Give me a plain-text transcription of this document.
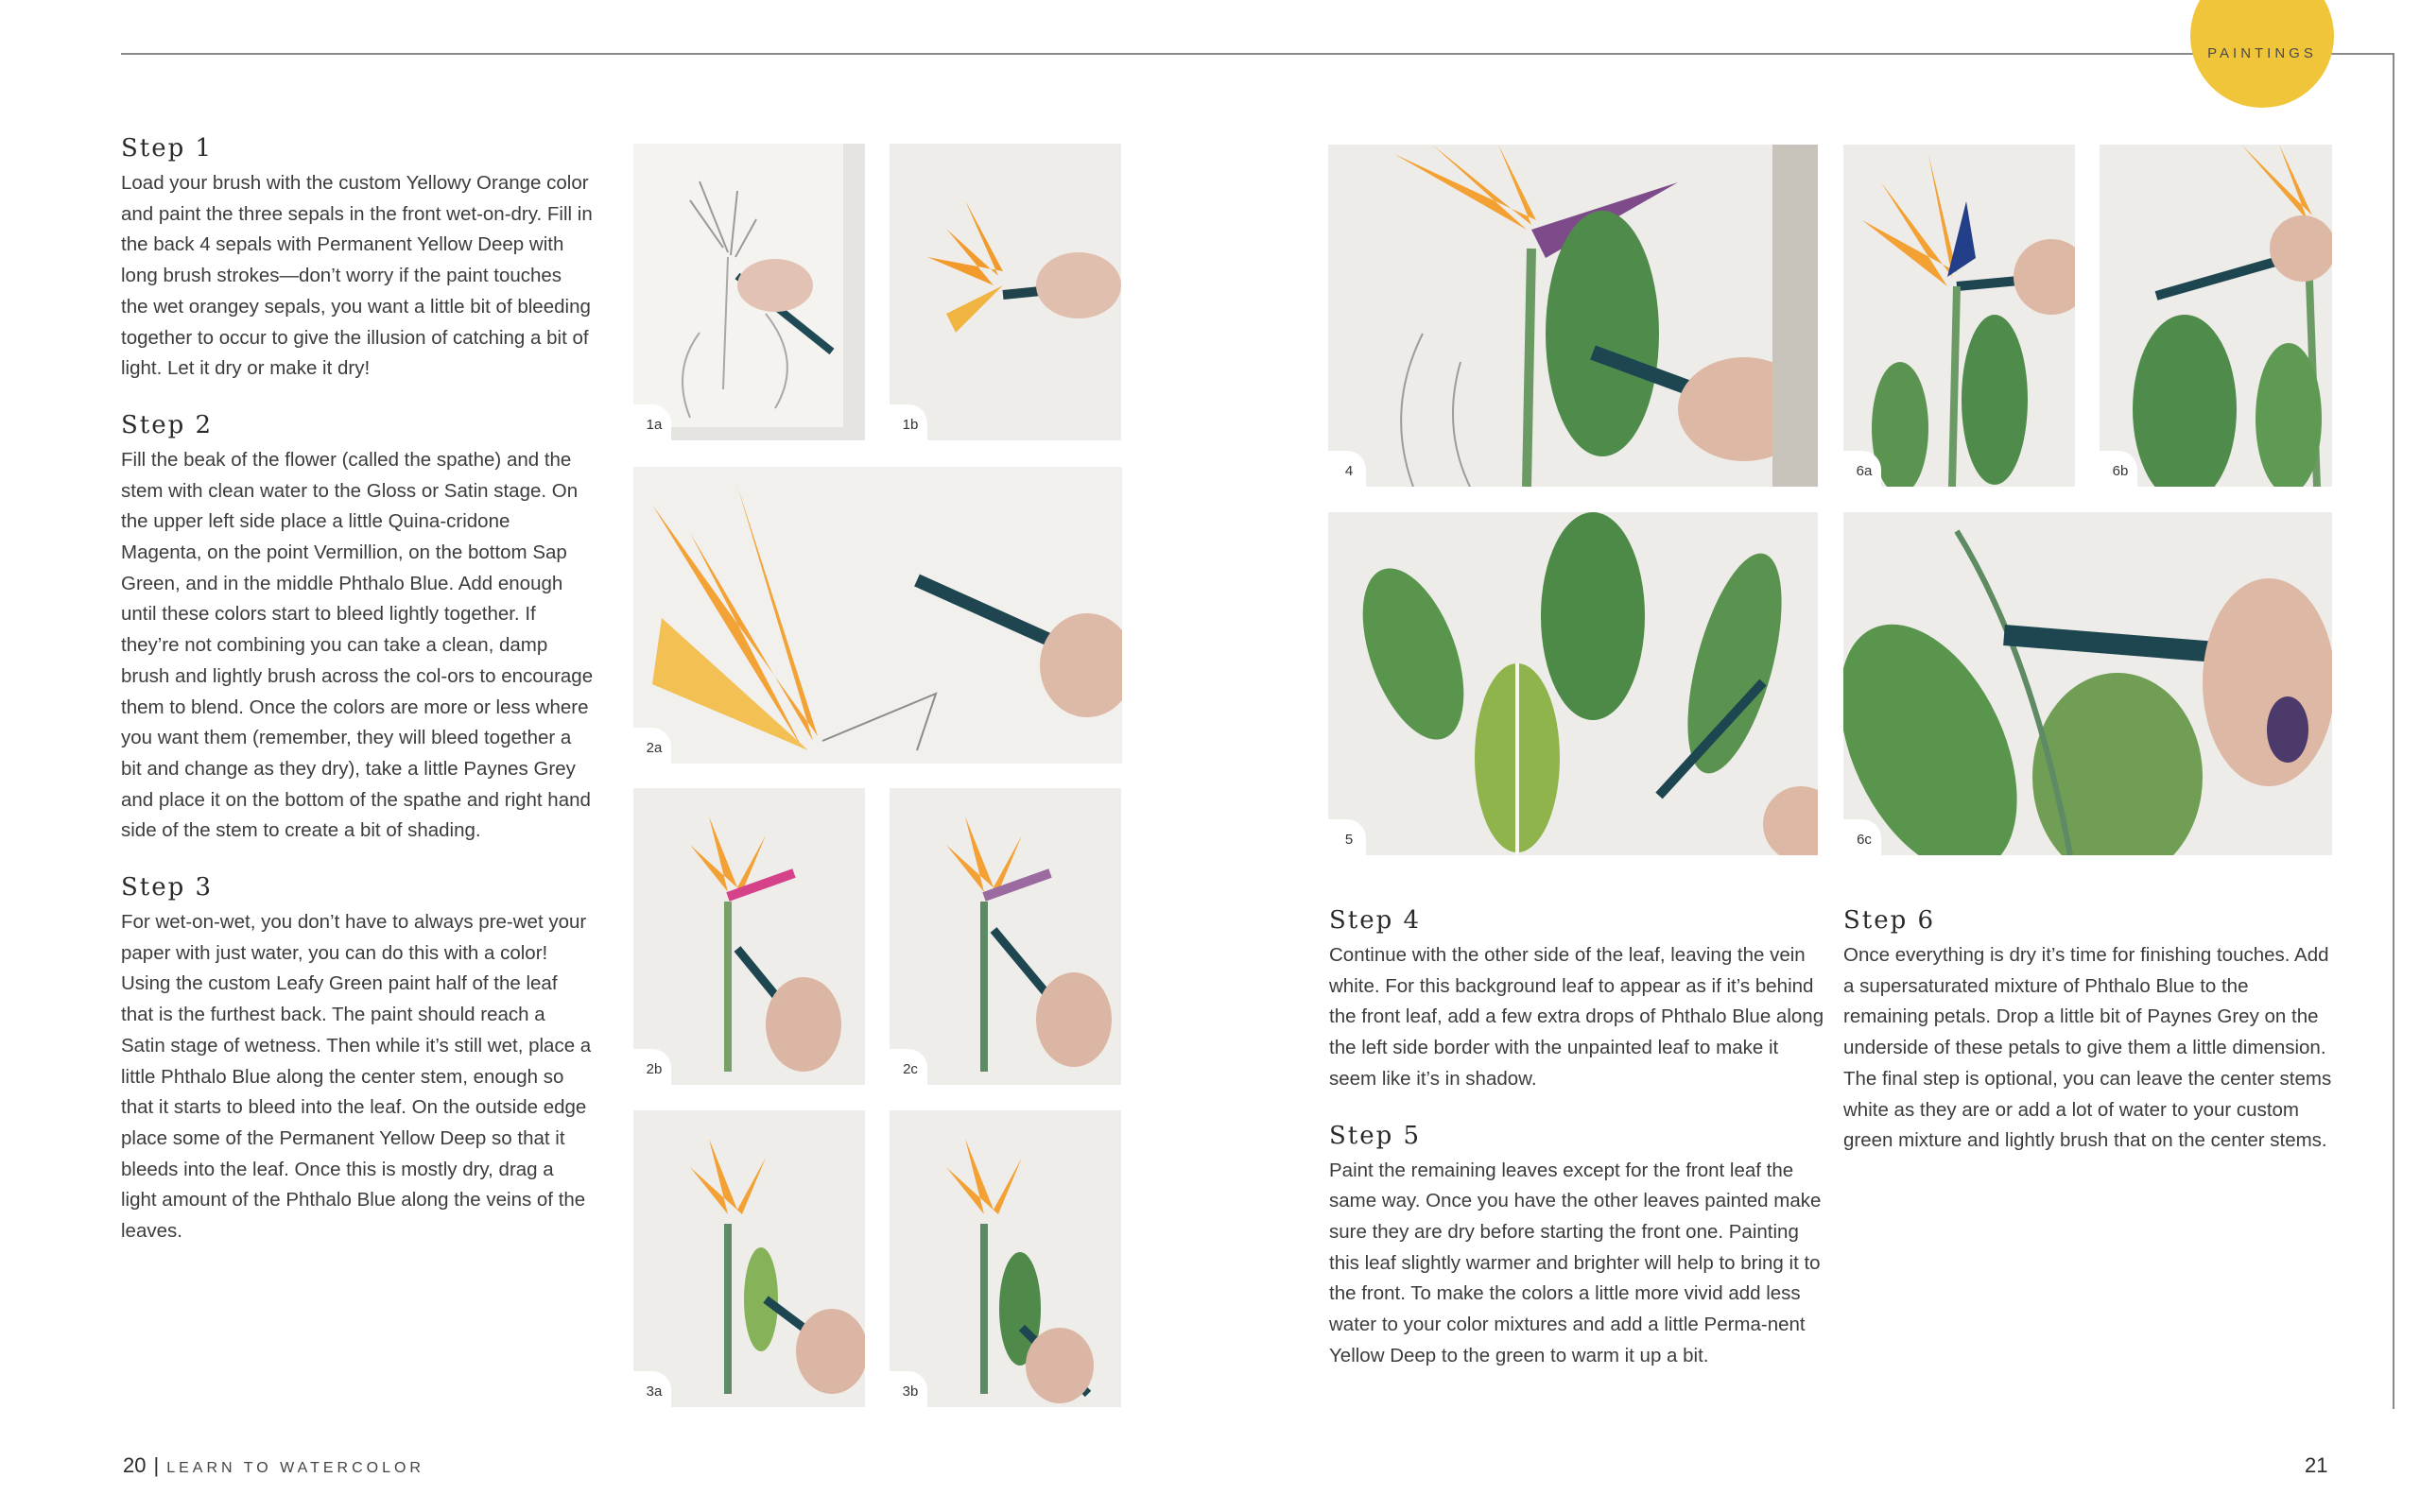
PAINTINGS
Step 1

Load your brush with the custom Yellowy Orange color and paint the three sepals in the front wet-on-dry. Fill in the back 4 sepals with Permanent Yellow Deep with long brush strokes—don’t worry if the paint touches the wet orangey sepals, you want a little bit of bleeding together to occur to give the illusion of catching a bit of light. Let it dry or make it dry!

Step 2

Fill the beak of the flower (called the spathe) and the stem with clean water to the Gloss or Satin stage. On the upper left side place a little Quina-cridone Magenta, on the point Vermillion, on the bottom Sap Green, and in the middle Phthalo Blue. Add enough until these colors start to bleed lightly together. If they’re not combining you can take a clean, damp brush and lightly brush across the col-ors to encourage them to blend. Once the colors are more or less where you want them (remember, they will bleed together a bit and change as they dry), take a little Paynes Grey and place it on the bottom of the spathe and right hand side of the stem to create a bit of shading.

Step 3

For wet-on-wet, you don’t have to always pre-wet your paper with just water, you can do this with a color! Using the custom Leafy Green paint half of the leaf that is the furthest back. The paint should reach a Satin stage of wetness. Then while it’s still wet, place a little Phthalo Blue along the center stem, enough so that it starts to bleed into the leaf. On the outside edge place some of the Permanent Yellow Deep so that it bleeds into the leaf. Once this is mostly dry, drag a light amount of the Phthalo Blue along the veins of the leaves.

1a	1b
2a
2b	2c
3a	3b
4	6a	6b
5	6c
Step 4

Continue with the other side of the leaf, leaving the vein white. For this background leaf to appear as if it’s behind the front leaf, add a few extra drops of Phthalo Blue along the left side border with the unpainted leaf to make it seem like it’s in shadow.

Step 5

Paint the remaining leaves except for the front leaf the same way. Once you have the other leaves painted make sure they are dry before starting the front one. Painting this leaf slightly warmer and brighter will help to bring it to the front. To make the colors a little more vivid add less water to your color mixtures and add a little Perma-nent Yellow Deep to the green to warm it up a bit.

Step 6

Once everything is dry it’s time for finishing touches. Add a supersaturated mixture of Phthalo Blue to the remaining petals. Drop a little bit of Paynes Grey on the underside of these petals to give them a little dimension. The final step is optional, you can leave the center stems white as they are or add a lot of water to your custom green mixture and lightly brush that on the center stems.

20 | LEARN TO WATERCOLOR	21
